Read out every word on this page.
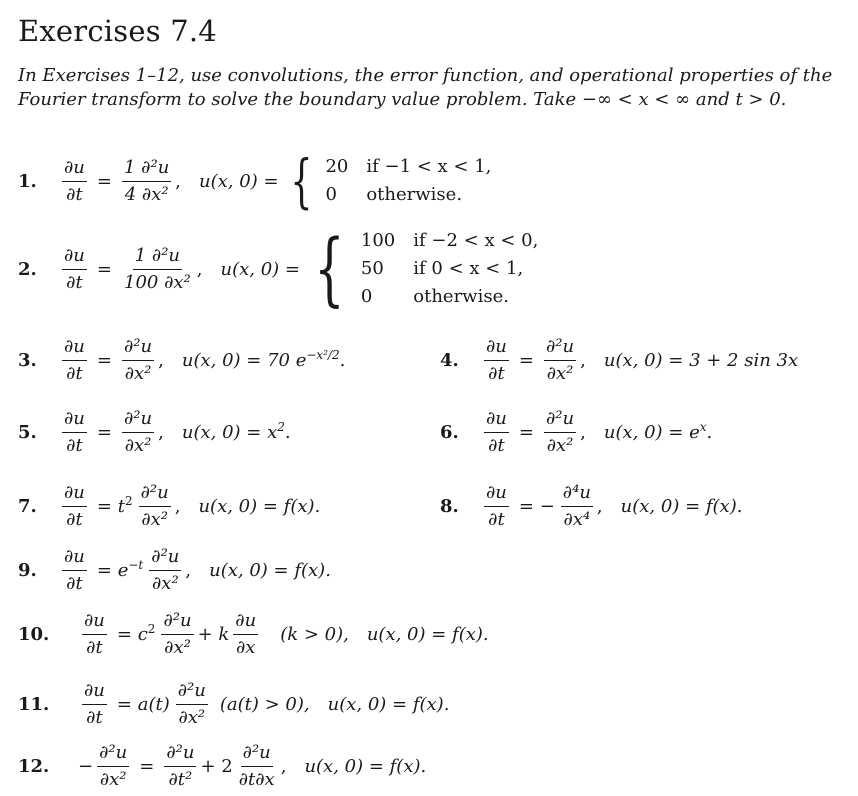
Exercises 7.4
In Exercises 1–12, use convolutions, the error function, and operational properties of the Fourier transform to solve the boundary value problem. Take −∞ < x < ∞ and t > 0.
1.	$\frac{\partial u}{\partial t} = \frac{\text{1 ∂²u}}{\text{4 ∂x²}}$ , u(x, 0) = { 20 if −1 < x < 1,
0	otherwise.
2.	$\frac{\partial u}{\partial t} = \frac{\text{1 ∂²u}}{\text{100 ∂x²}}$ , u(x, 0) = { 100 if −2 < x < 0,
50	if 0 < x < 1,
0	otherwise.
3.	$\frac{\partial u}{\partial t} = \frac{\text{∂²u}}{\text{∂x²}}$ , u(x, 0) = 70 $e^{-x^2/2}$.	4.	$\frac{\partial u}{\partial t} = \frac{\text{∂²u}}{\text{∂x²}}$ , u(x, 0) = 3 + 2 sin 3x
5.	$\frac{\partial u}{\partial t} = \frac{\text{∂²u}}{\text{∂x²}}$ , u(x, $0) = x^2$.	6.	$\frac{\partial u}{\partial t} = \frac{\text{∂²u}}{\text{∂x²}}$ , u(x, $0) = e^x$.
7.	$\frac{\partial u}{\partial t} = t^2 \frac{\text{∂²u}}{\text{∂x²}}$ , u(x, 0) = f(x).	8.	$\frac{\partial u}{\partial t}$ = − $\frac{\text{∂⁴u}}{\text{∂x⁴}}$ , u(x, 0) = f(x).
9.	$\frac{\partial u}{\partial t} = e^{-t} \frac{\text{∂²u}}{\text{∂x²}}$ , u(x, 0) = f(x).
10.	$\frac{\partial u}{\partial t} = c^2 \frac{\text{∂²u}}{\text{∂x²}} + k \frac{\partial u}{\partial x} (k > 0)$, u(x, 0) = f(x).
11.	$\frac{\partial u}{\partial t} = a(t) \frac{\text{∂²u}}{\text{∂x²}} (a(t) > 0)$, u(x, 0) = f(x).
12.	− $\frac{\text{∂²u}}{\text{∂x²}} = \frac{\text{∂²u}}{\text{∂t²}} + 2 \frac{\text{∂²u}}{\partial t\partial x}$ , u(x, 0) = f(x).
